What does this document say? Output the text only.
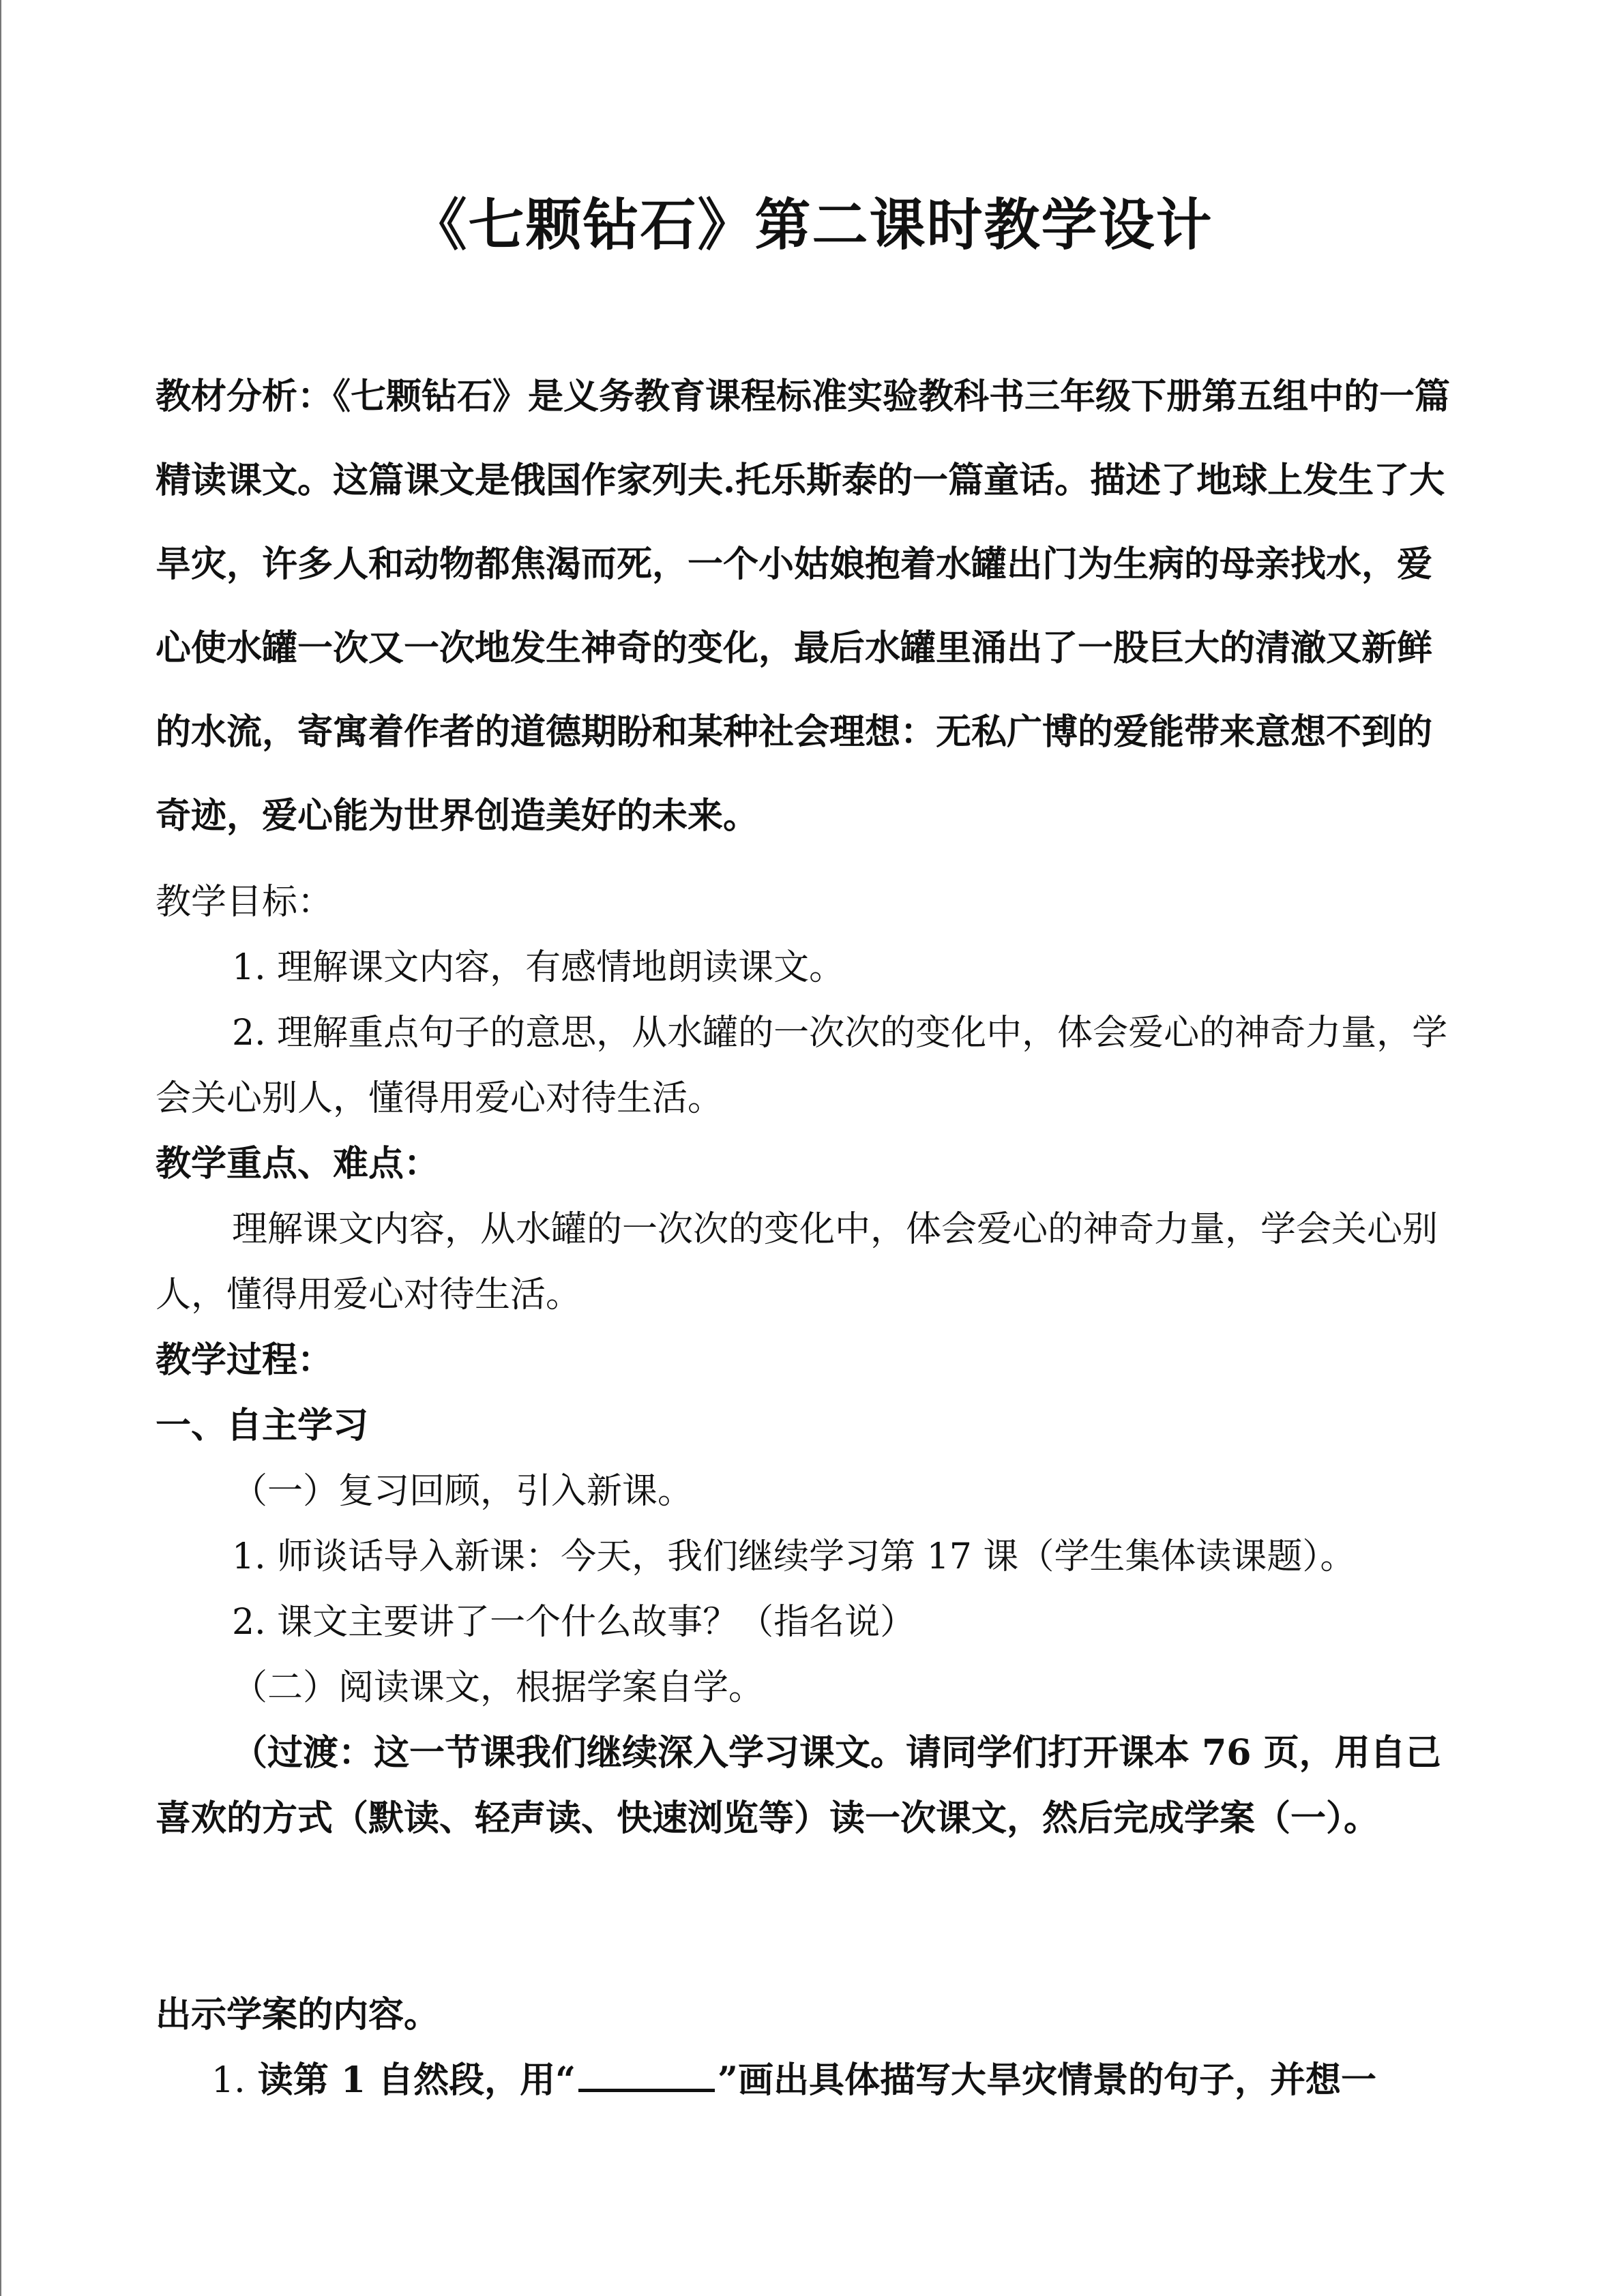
《七颗钻石》第二课时教学设计

教材分析：《七颗钻石》是义务教育课程标准实验教科书三年级下册第五组中的一篇精读课文。这篇课文是俄国作家列夫.托乐斯泰的一篇童话。描述了地球上发生了大旱灾，许多人和动物都焦渴而死，一个小姑娘抱着水罐出门为生病的母亲找水，爱心使水罐一次又一次地发生神奇的变化，最后水罐里涌出了一股巨大的清澈又新鲜的水流，寄寓着作者的道德期盼和某种社会理想：无私广博的爱能带来意想不到的奇迹，爱心能为世界创造美好的未来。

教学目标：

1. 理解课文内容，有感情地朗读课文。

2. 理解重点句子的意思，从水罐的一次次的变化中，体会爱心的神奇力量，学会关心别人，懂得用爱心对待生活。

教学重点、难点：

理解课文内容，从水罐的一次次的变化中，体会爱心的神奇力量，学会关心别人，懂得用爱心对待生活。

教学过程：

一、自主学习

（一）复习回顾，引入新课。

1. 师谈话导入新课：今天，我们继续学习第 17 课（学生集体读课题）。

2. 课文主要讲了一个什么故事？（指名说）

（二）阅读课文，根据学案自学。

（过渡：这一节课我们继续深入学习课文。请同学们打开课本 76 页，用自己喜欢的方式（默读、轻声读、快速浏览等）读一次课文，然后完成学案（一）。

出示学案的内容。

1. 读第 1 自然段，用“	”画出具体描写大旱灾情景的句子，并想一
